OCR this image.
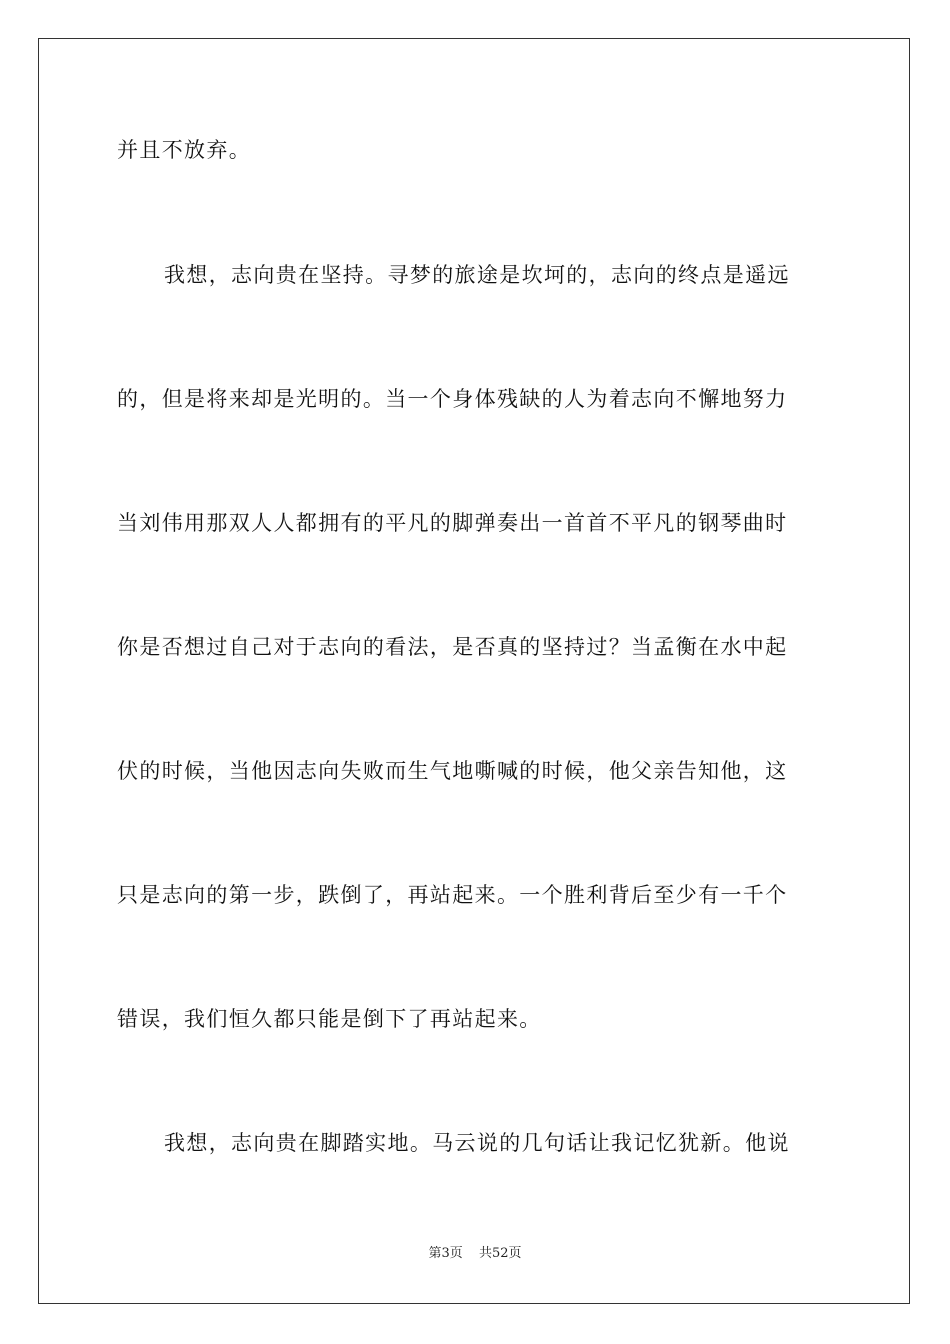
并且不放弃。
我想，志向贵在坚持。寻梦的旅途是坎坷的，志向的终点是遥远
的，但是将来却是光明的。当一个身体残缺的人为着志向不懈地努力
当刘伟用那双人人都拥有的平凡的脚弹奏出一首首不平凡的钢琴曲时
你是否想过自己对于志向的看法，是否真的坚持过？当孟衡在水中起
伏的时候，当他因志向失败而生气地嘶喊的时候，他父亲告知他，这
只是志向的第一步，跌倒了，再站起来。一个胜利背后至少有一千个
错误，我们恒久都只能是倒下了再站起来。
我想，志向贵在脚踏实地。马云说的几句话让我记忆犹新。他说
第3页 共52页
